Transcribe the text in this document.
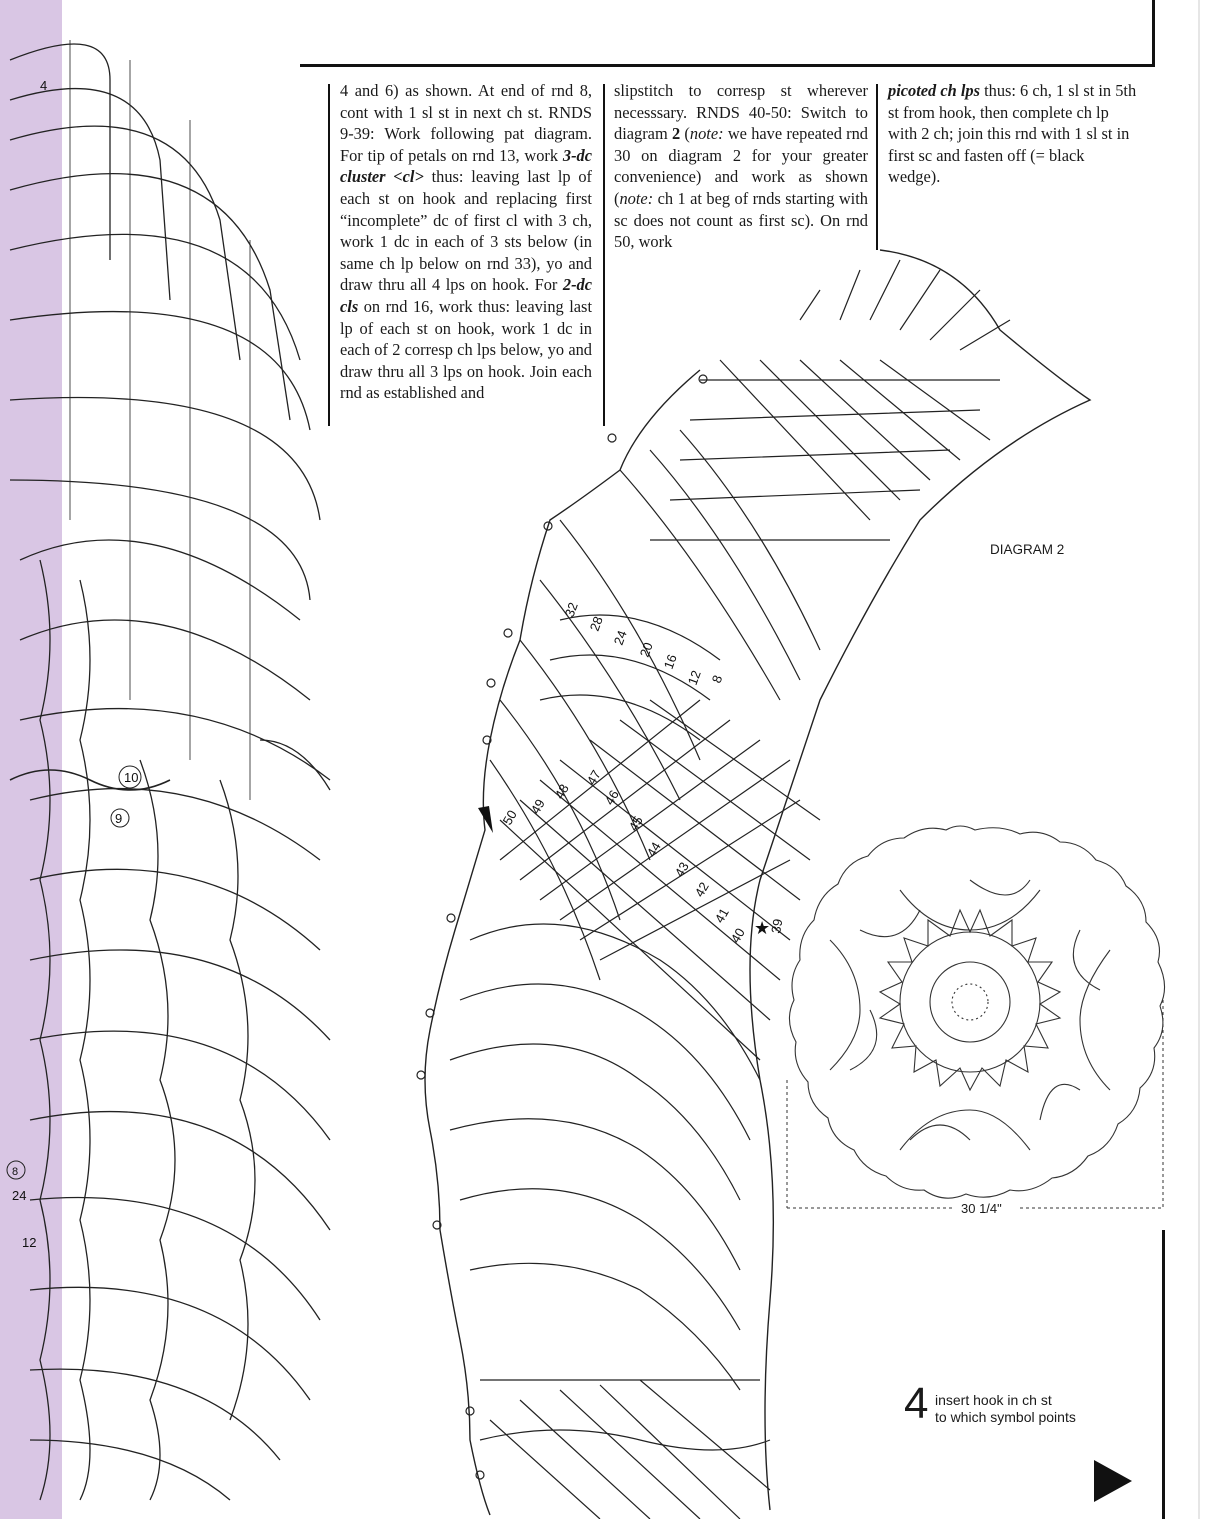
4
10
9
8
24
12
4 and 6) as shown. At end of rnd 8, cont with 1 sl st in next ch st. RNDS 9-39: Work following pat diagram. For tip of petals on rnd 13, work 3-dc cluster <cl> thus: leaving last lp of each st on hook and replacing first “incomplete” dc of first cl with 3 ch, work 1 dc in each of 3 sts below (in same ch lp below on rnd 33), yo and draw thru all 4 lps on hook. For 2-dc cls on rnd 16, work thus: leaving last lp of each st on hook, work 1 dc in each of 2 corresp ch lps below, yo and draw thru all 3 lps on hook. Join each rnd as established and
slipstitch to corresp st wherever necesssary. RNDS 40-50: Switch to diagram 2 (note: we have repeated rnd 30 on diagram 2 for your greater convenience) and work as shown (note: ch 1 at beg of rnds starting with sc does not count as first sc). On rnd 50, work
picoted ch lps thus: 6 ch, 1 sl st in 5th st from hook, then complete ch lp with 2 ch; join this rnd with 1 sl st in first sc and fasten off (= black wedge).
DIAGRAM 2
32
28
24
20
16
12 8
50
49
48
47
46
45
44
43
42
41
40 39
★
30 1/4"
4 insert hook in ch st
to which symbol points
